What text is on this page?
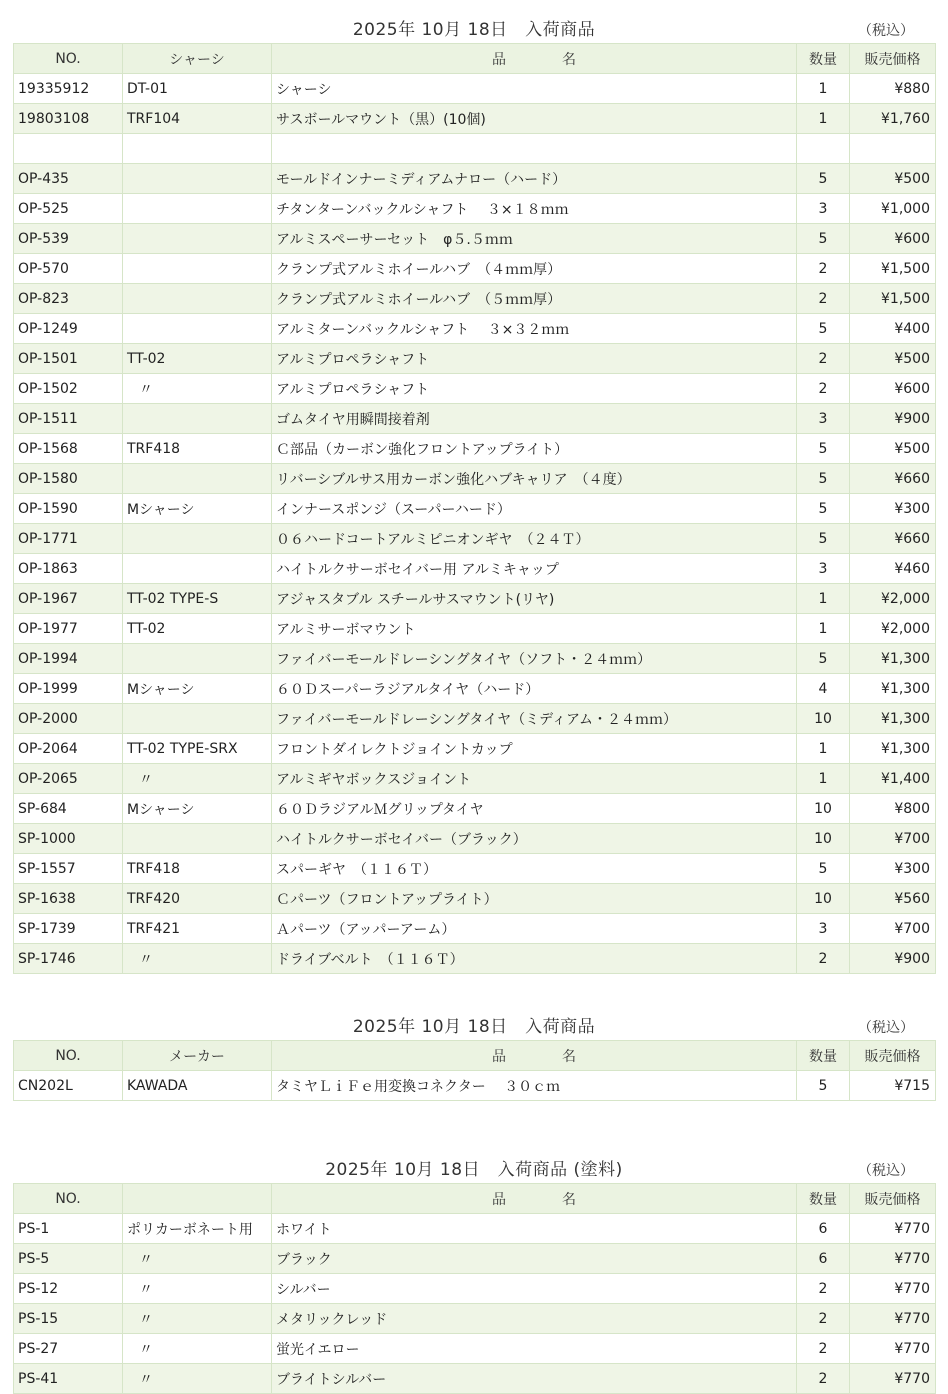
2025年 10月 18日　入荷商品	（税込）
NO.	シャーシ	品　　　　名	数量	販売価格
19335912	DT-01	シャーシ	1	¥880
19803108	TRF104	サスボールマウント（黒）(10個)	1	¥1,760

OP-435		モールドインナーミディアムナロー（ハード）	5	¥500
OP-525		チタンターンバックルシャフト　 ３×１８ｍｍ	3	¥1,000
OP-539		アルミスペーサーセット　φ５.５ｍｍ	5	¥600
OP-570		クランプ式アルミホイールハブ　（４ｍｍ厚）	2	¥1,500
OP-823		クランプ式アルミホイールハブ　（５ｍｍ厚）	2	¥1,500
OP-1249		アルミターンバックルシャフト　 ３×３２ｍｍ	5	¥400
OP-1501	TT-02	アルミプロペラシャフト	2	¥500
OP-1502	〃	アルミプロペラシャフト	2	¥600
OP-1511		ゴムタイヤ用瞬間接着剤	3	¥900
OP-1568	TRF418	Ｃ部品（カーボン強化フロントアップライト）	5	¥500
OP-1580		リバーシブルサス用カーボン強化ハブキャリア　（４度）	5	¥660
OP-1590	Mシャーシ	インナースポンジ（スーパーハード）	5	¥300
OP-1771		０６ハードコートアルミピニオンギヤ　（２４Ｔ）	5	¥660
OP-1863		ハイトルクサーボセイバー用 アルミキャップ	3	¥460
OP-1967	TT-02 TYPE-S	アジャスタブル スチールサスマウント(リヤ)	1	¥2,000
OP-1977	TT-02	アルミサーボマウント	1	¥2,000
OP-1994		ファイバーモールドレーシングタイヤ（ソフト・２４ｍｍ）	5	¥1,300
OP-1999	Mシャーシ	６０Ｄスーパーラジアルタイヤ（ハード）	4	¥1,300
OP-2000		ファイバーモールドレーシングタイヤ（ミディアム・２４ｍｍ）	10	¥1,300
OP-2064	TT-02 TYPE-SRX	フロントダイレクトジョイントカップ	1	¥1,300
OP-2065	〃	アルミギヤボックスジョイント	1	¥1,400
SP-684	Mシャーシ	６０ＤラジアルＭグリップタイヤ	10	¥800
SP-1000		ハイトルクサーボセイバー（ブラック）	10	¥700
SP-1557	TRF418	スパーギヤ　（１１６Ｔ）	5	¥300
SP-1638	TRF420	Ｃパーツ（フロントアップライト）	10	¥560
SP-1739	TRF421	Ａパーツ（アッパーアーム）	3	¥700
SP-1746	〃	ドライブベルト　（１１６Ｔ）	2	¥900
2025年 10月 18日　入荷商品	（税込）
NO.	メーカー	品　　　　名	数量	販売価格
CN202L	KAWADA	タミヤＬｉＦｅ用変換コネクター　 ３０ｃｍ	5	¥715
2025年 10月 18日　入荷商品 (塗料)	（税込）
NO.		品　　　　名	数量	販売価格
PS-1	ポリカーボネート用	ホワイト	6	¥770
PS-5	〃	ブラック	6	¥770
PS-12	〃	シルバー	2	¥770
PS-15	〃	メタリックレッド	2	¥770
PS-27	〃	蛍光イエロー	2	¥770
PS-41	〃	ブライトシルバー	2	¥770
